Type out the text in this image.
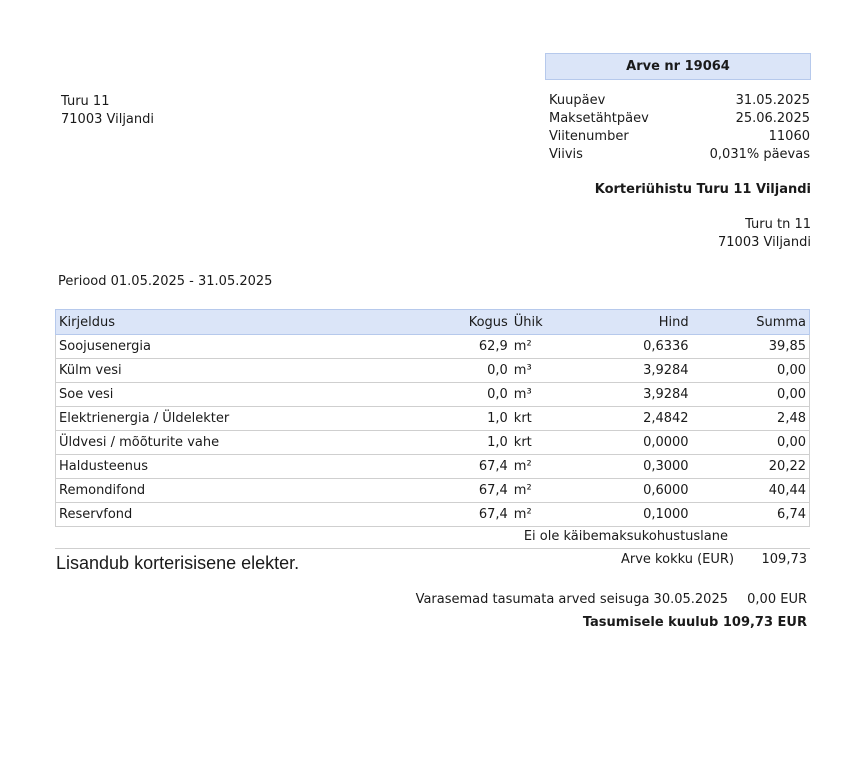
Arve nr 19064
Turu 11
71003 Viljandi
Kuupäev	31.05.2025
Maksetähtpäev	25.06.2025
Viitenumber	11060
Viivis	0,031% päevas
Korteriühistu Turu 11 Viljandi
Turu tn 11
71003 Viljandi
Periood 01.05.2025 - 31.05.2025
Kirjeldus	Kogus	Ühik	Hind	Summa
Soojusenergia	62,9	m²	0,6336	39,85
Külm vesi	0,0	m³	3,9284	0,00
Soe vesi	0,0	m³	3,9284	0,00
Elektrienergia / Üldelekter	1,0	krt	2,4842	2,48
Üldvesi / mõõturite vahe	1,0	krt	0,0000	0,00
Haldusteenus	67,4	m²	0,3000	20,22
Remondifond	67,4	m²	0,6000	40,44
Reservfond	67,4	m²	0,1000	6,74
Ei ole käibemaksukohustuslane
Lisandub korterisisene elekter.	Arve kokku (EUR) 109,73
Varasemad tasumata arved seisuga 30.05.2025 0,00 EUR
Tasumisele kuulub 109,73 EUR
